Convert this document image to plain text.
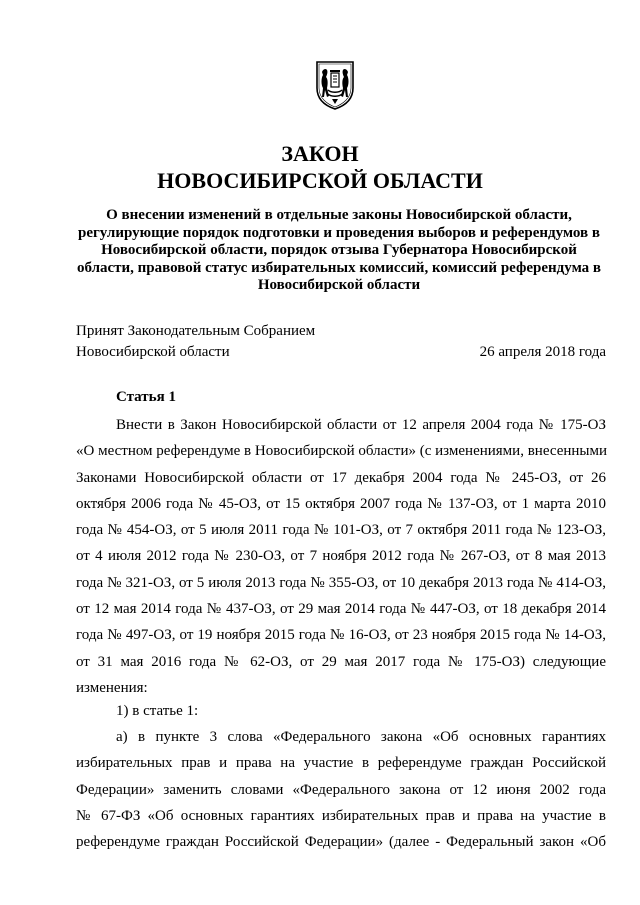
ЗАКОН
НОВОСИБИРСКОЙ ОБЛАСТИ
О внесении изменений в отдельные законы Новосибирской области,
регулирующие порядок подготовки и проведения выборов и референдумов в
Новосибирской области, порядок отзыва Губернатора Новосибирской
области, правовой статус избирательных комиссий, комиссий референдума в
Новосибирской области
Принят Законодательным Собранием
Новосибирской области	26 апреля 2018 года
Статья 1
Внести в Закон Новосибирской области от 12 апреля 2004 года № 175-ОЗ
«О местном референдуме в Новосибирской области» (с изменениями, внесенными
Законами Новосибирской области от 17 декабря 2004 года № 245-ОЗ, от 26
октября 2006 года № 45-ОЗ, от 15 октября 2007 года № 137-ОЗ, от 1 марта 2010
года № 454-ОЗ, от 5 июля 2011 года № 101-ОЗ, от 7 октября 2011 года № 123-ОЗ,
от 4 июля 2012 года № 230-ОЗ, от 7 ноября 2012 года № 267-ОЗ, от 8 мая 2013
года № 321-ОЗ, от 5 июля 2013 года № 355-ОЗ, от 10 декабря 2013 года № 414-ОЗ,
от 12 мая 2014 года № 437-ОЗ, от 29 мая 2014 года № 447-ОЗ, от 18 декабря 2014
года № 497-ОЗ, от 19 ноября 2015 года № 16-ОЗ, от 23 ноября 2015 года № 14-ОЗ,
от 31 мая 2016 года № 62-ОЗ, от 29 мая 2017 года № 175-ОЗ) следующие
изменения:
1) в статье 1:
а) в пункте 3 слова «Федерального закона «Об основных гарантиях
избирательных прав и права на участие в референдуме граждан Российской
Федерации» заменить словами «Федерального закона от 12 июня 2002 года
№ 67-ФЗ «Об основных гарантиях избирательных прав и права на участие в
референдуме граждан Российской Федерации» (далее - Федеральный закон «Об
